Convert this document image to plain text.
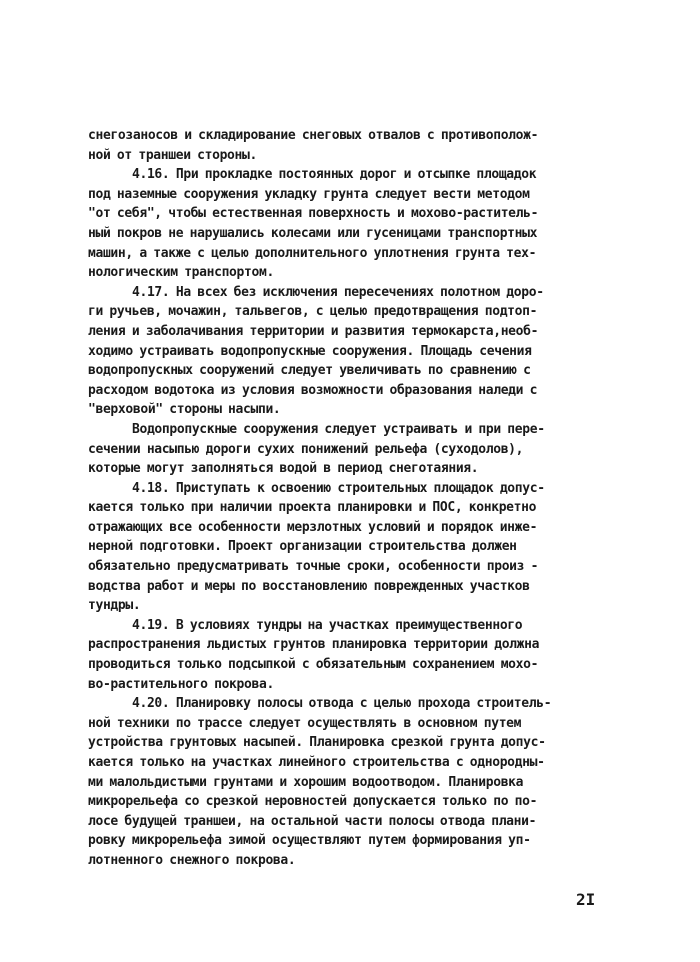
снегозаносов и складирование снеговых отвалов с противополож-
ной от траншеи стороны.
4.16. При прокладке постоянных дорог и отсыпке площадок
под наземные сооружения укладку грунта следует вести методом
"от себя", чтобы естественная поверхность и моховo-раститель-
ный покров не нарушались колесами или гусеницами транспортных
машин, а также с целью дополнительного уплотнения грунта тех-
нологическим транспортом.
4.17. На всех без исключения пересечениях полотном доро-
ги ручьев, мочажин, тальвегов, с целью предотвращения подтоп-
ления и заболачивания территории и развития термокарста,необ-
ходимо устраивать водопропускные сооружения. Площадь сечения
водопропускных сооружений следует увеличивать по сравнению с
расходом водотока из условия возможности образования наледи с
"верховой" стороны насыпи.
Водопропускные сооружения следует устраивать и при пере-
сечении насыпью дороги сухих понижений рельефа (суходолов),
которые могут заполняться водой в период снеготаяния.
4.18. Приступать к освоению строительных площадок допус-
кается только при наличии проекта планировки и ПОС, конкретно
отражающих все особенности мерзлотных условий и порядок инже-
нерной подготовки. Проект организации строительства должен
обязательно предусматривать точные сроки, особенности произ -
водства работ и меры по восстановлению поврежденных участков
тундры.
4.19. В условиях тундры на участках преимущественного
распространения льдистых грунтов планировка территории должна
проводиться только подсыпкой с обязательным сохранением мохо-
во-растительного покрова.
4.20. Планировку полосы отвода с целью прохода строитель-
ной техники по трассе следует осуществлять в основном путем
устройства грунтовых насыпей. Планировка срезкой грунта допус-
кается только на участках линейного строительства с однородны-
ми малольдистыми грунтами и хорошим водоотводом. Планировка
микрорельефа со срезкой неровностей допускается только по по-
лосе будущей траншеи, на остальной части полосы отвода плани-
ровку микрорельефа зимой осуществляют путем формирования уп-
лотненного снежного покрова.
2I
